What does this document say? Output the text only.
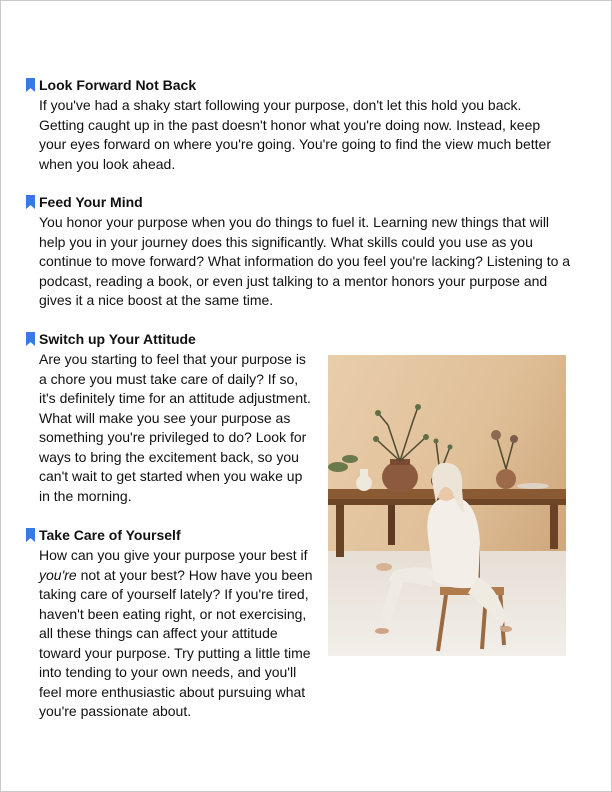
Look Forward Not Back
If you've had a shaky start following your purpose, don't let this hold you back. Getting caught up in the past doesn't honor what you're doing now. Instead, keep your eyes forward on where you're going. You're going to find the view much better when you look ahead.
Feed Your Mind
You honor your purpose when you do things to fuel it. Learning new things that will help you in your journey does this significantly. What skills could you use as you continue to move forward? What information do you feel you're lacking? Listening to a podcast, reading a book, or even just talking to a mentor honors your purpose and gives it a nice boost at the same time.
Switch up Your Attitude
Are you starting to feel that your purpose is a chore you must take care of daily? If so, it's definitely time for an attitude adjustment. What will make you see your purpose as something you're privileged to do? Look for ways to bring the excitement back, so you can't wait to get started when you wake up in the morning.
Take Care of Yourself
How can you give your purpose your best if you're not at your best? How have you been taking care of yourself lately? If you're tired, haven't been eating right, or not exercising, all these things can affect your attitude toward your purpose. Try putting a little time into tending to your own needs, and you'll feel more enthusiastic about pursuing what you're passionate about.
